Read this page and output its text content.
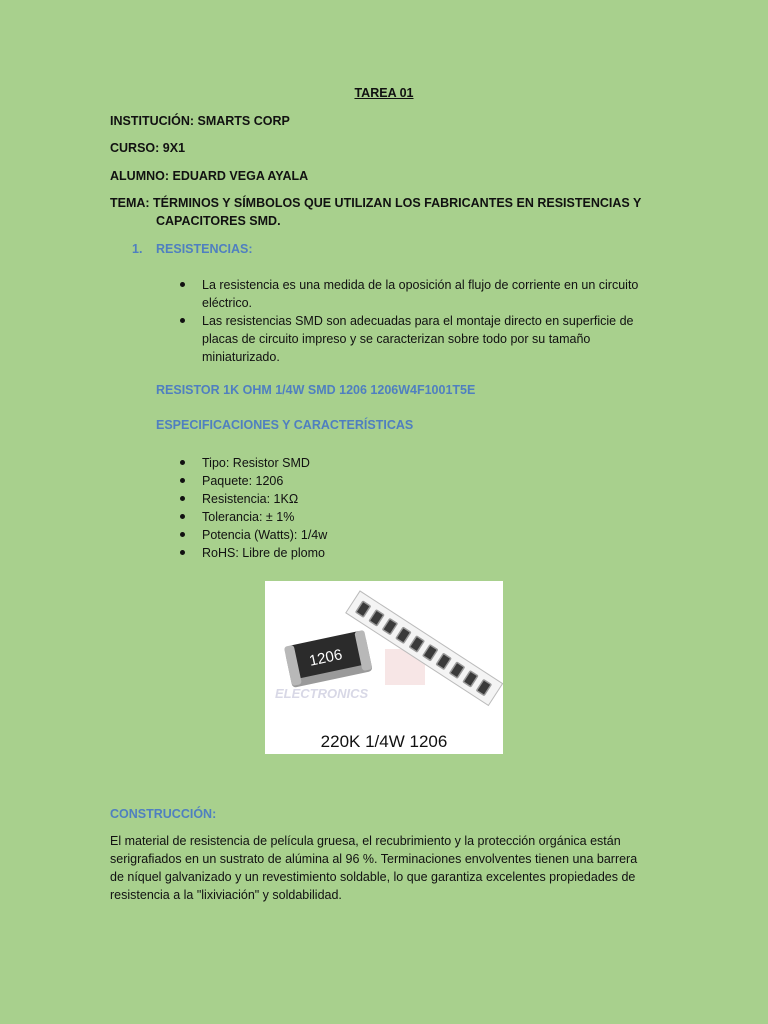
TAREA 01
INSTITUCIÓN: SMARTS CORP
CURSO: 9X1
ALUMNO: EDUARD VEGA AYALA
TEMA: TÉRMINOS Y SÍMBOLOS QUE UTILIZAN LOS FABRICANTES EN RESISTENCIAS Y
CAPACITORES SMD.
1. RESISTENCIAS:
La resistencia es una medida de la oposición al flujo de corriente en un circuito eléctrico.
Las resistencias SMD son adecuadas para el montaje directo en superficie de placas de circuito impreso y se caracterizan sobre todo por su tamaño miniaturizado.
RESISTOR 1K OHM 1/4W SMD 1206 1206W4F1001T5E
ESPECIFICACIONES Y CARACTERÍSTICAS
Tipo: Resistor SMD
Paquete: 1206
Resistencia: 1KΩ
Tolerancia: ± 1%
Potencia (Watts): 1/4w
RoHS: Libre de plomo
ELECTRONICS
1206
220K 1/4W 1206
CONSTRUCCIÓN:
El material de resistencia de película gruesa, el recubrimiento y la protección orgánica están serigrafiados en un sustrato de alúmina al 96 %. Terminaciones envolventes tienen una barrera de níquel galvanizado y un revestimiento soldable, lo que garantiza excelentes propiedades de resistencia a la "lixiviación" y soldabilidad.
